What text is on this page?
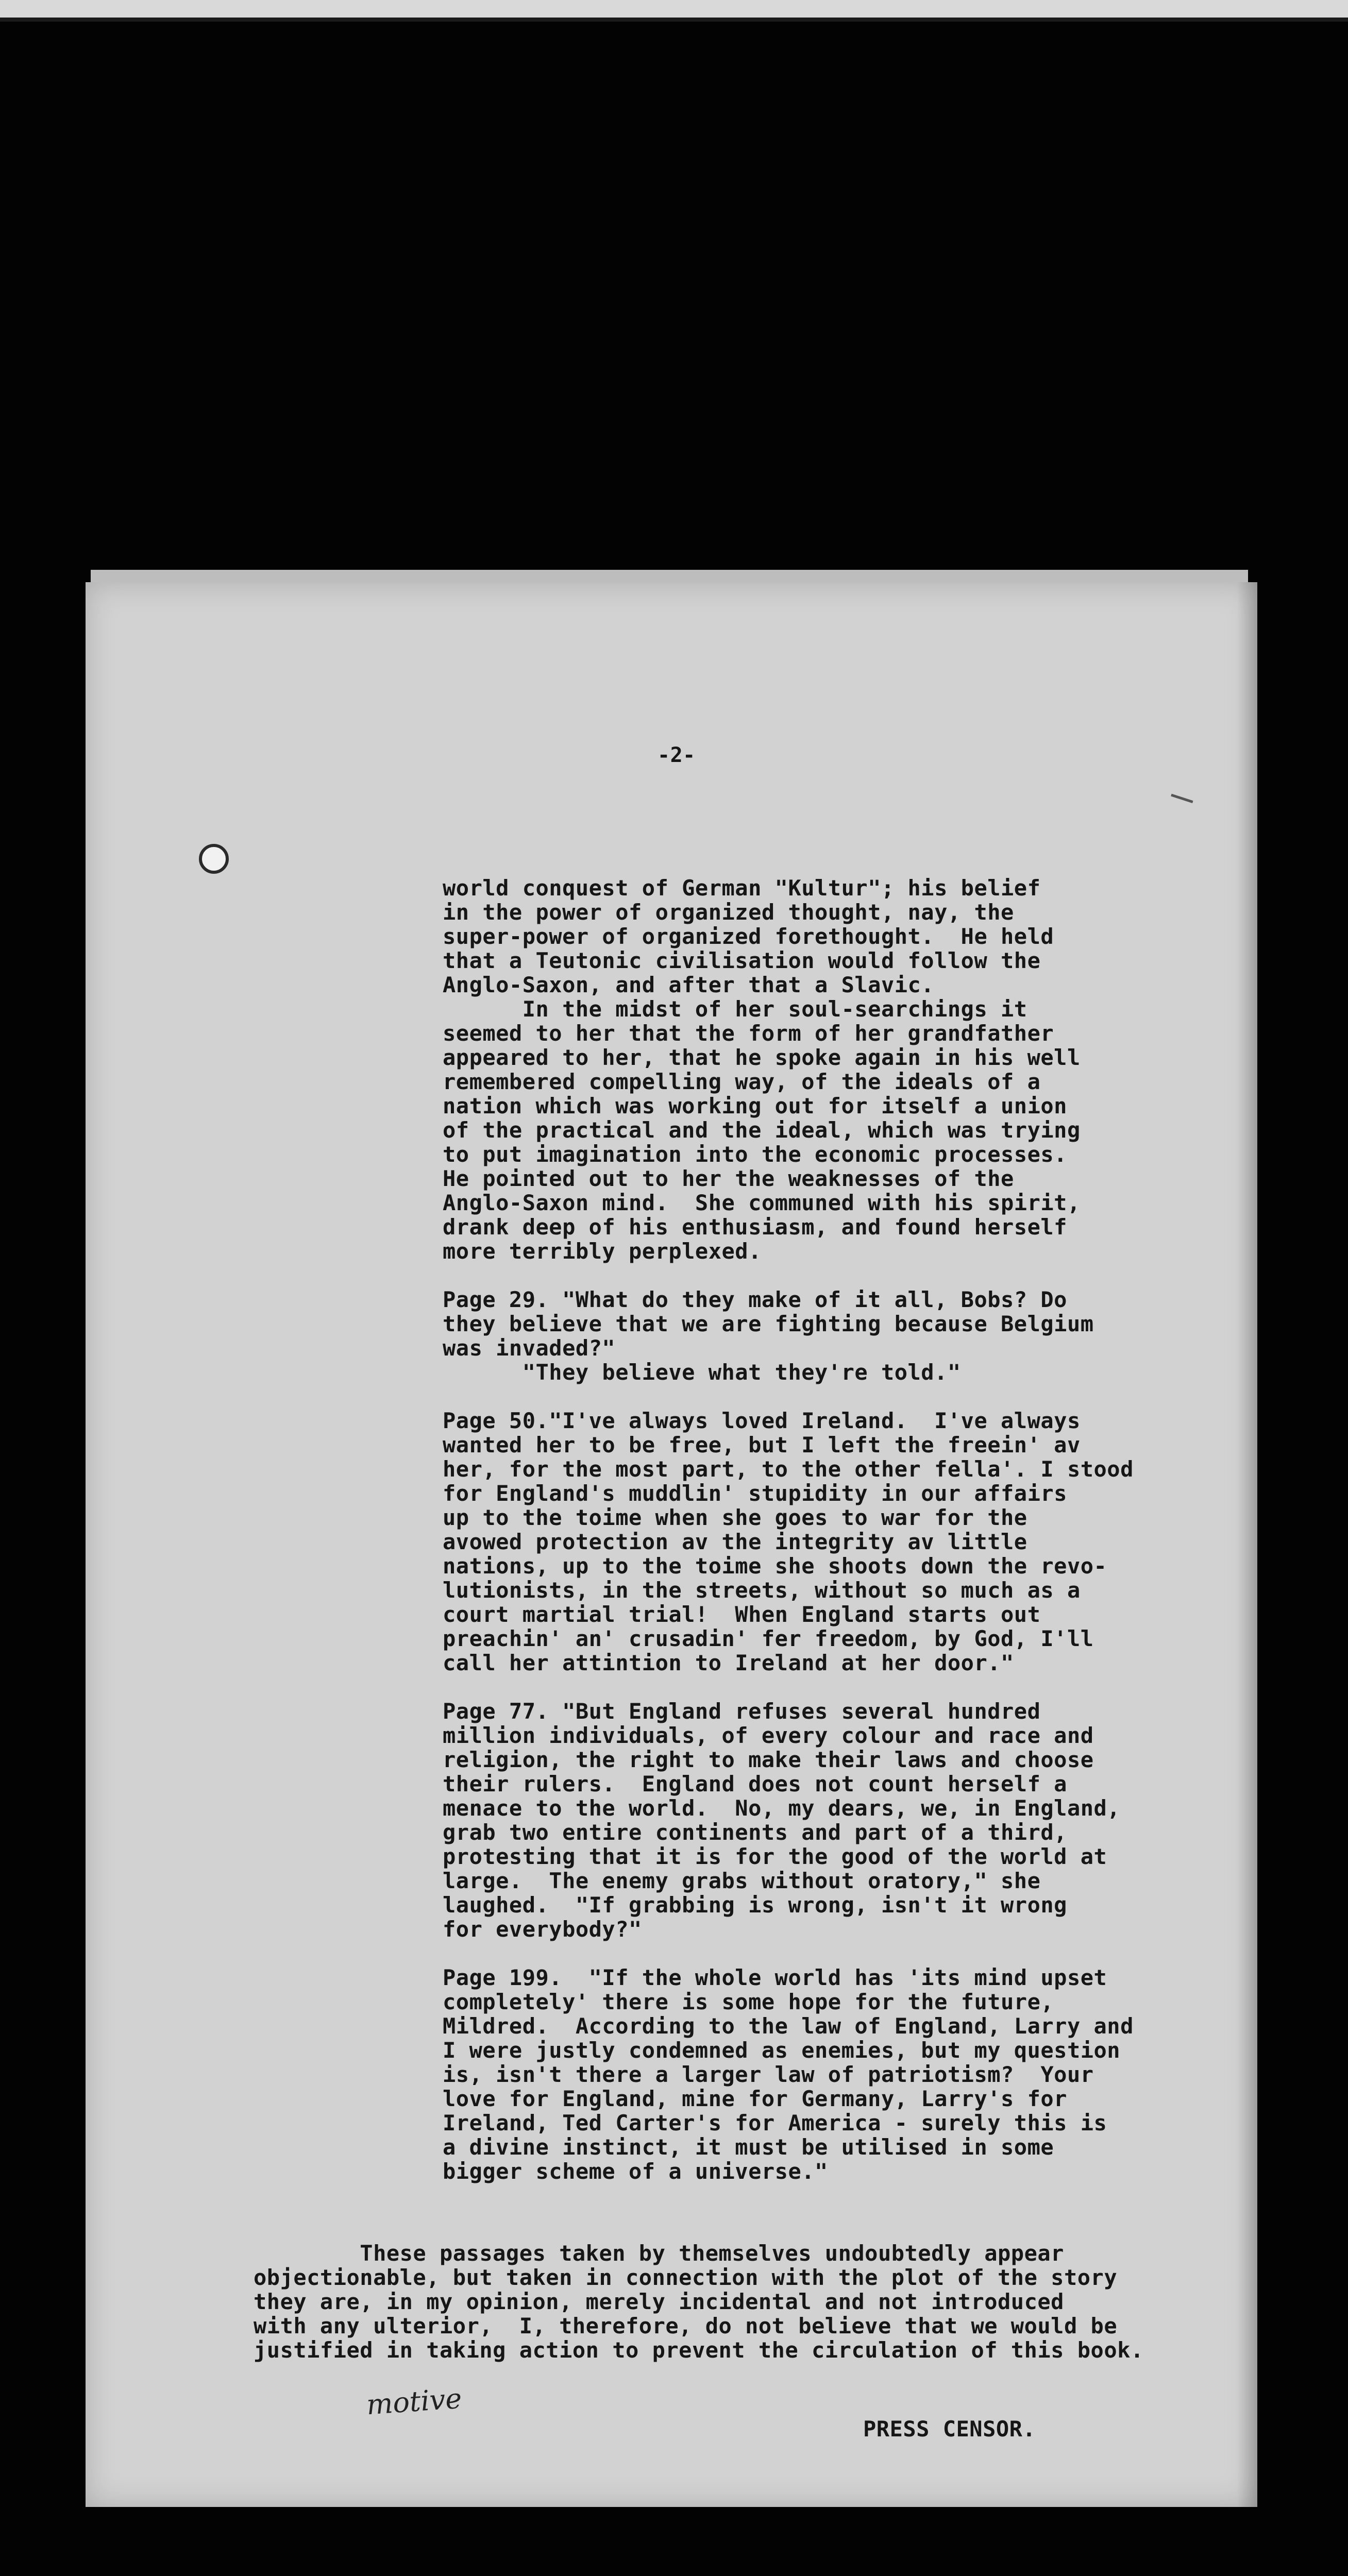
-2-
world conquest of German "Kultur"; his belief
in the power of organized thought, nay, the
super-power of organized forethought.  He held
that a Teutonic civilisation would follow the
Anglo-Saxon, and after that a Slavic.
In the midst of her soul-searchings it
seemed to her that the form of her grandfather
appeared to her, that he spoke again in his well
remembered compelling way, of the ideals of a
nation which was working out for itself a union
of the practical and the ideal, which was trying
to put imagination into the economic processes.
He pointed out to her the weaknesses of the
Anglo-Saxon mind.  She communed with his spirit,
drank deep of his enthusiasm, and found herself
more terribly perplexed.
Page 29. "What do they make of it all, Bobs? Do
they believe that we are fighting because Belgium
was invaded?"
"They believe what they're told."
Page 50."I've always loved Ireland.  I've always
wanted her to be free, but I left the freein' av
her, for the most part, to the other fella'. I stood
for England's muddlin' stupidity in our affairs
up to the toime when she goes to war for the
avowed protection av the integrity av little
nations, up to the toime she shoots down the revo-
lutionists, in the streets, without so much as a
court martial trial!  When England starts out
preachin' an' crusadin' fer freedom, by God, I'll
call her attintion to Ireland at her door."
Page 77. "But England refuses several hundred
million individuals, of every colour and race and
religion, the right to make their laws and choose
their rulers.  England does not count herself a
menace to the world.  No, my dears, we, in England,
grab two entire continents and part of a third,
protesting that it is for the good of the world at
large.  The enemy grabs without oratory," she
laughed.  "If grabbing is wrong, isn't it wrong
for everybody?"
Page 199.  "If the whole world has 'its mind upset
completely' there is some hope for the future,
Mildred.  According to the law of England, Larry and
I were justly condemned as enemies, but my question
is, isn't there a larger law of patriotism?  Your
love for England, mine for Germany, Larry's for
Ireland, Ted Carter's for America - surely this is
a divine instinct, it must be utilised in some
bigger scheme of a universe."
These passages taken by themselves undoubtedly appear
objectionable, but taken in connection with the plot of the story
they are, in my opinion, merely incidental and not introduced
with any ulterior,  I, therefore, do not believe that we would be
justified in taking action to prevent the circulation of this book.
motive
PRESS CENSOR.
